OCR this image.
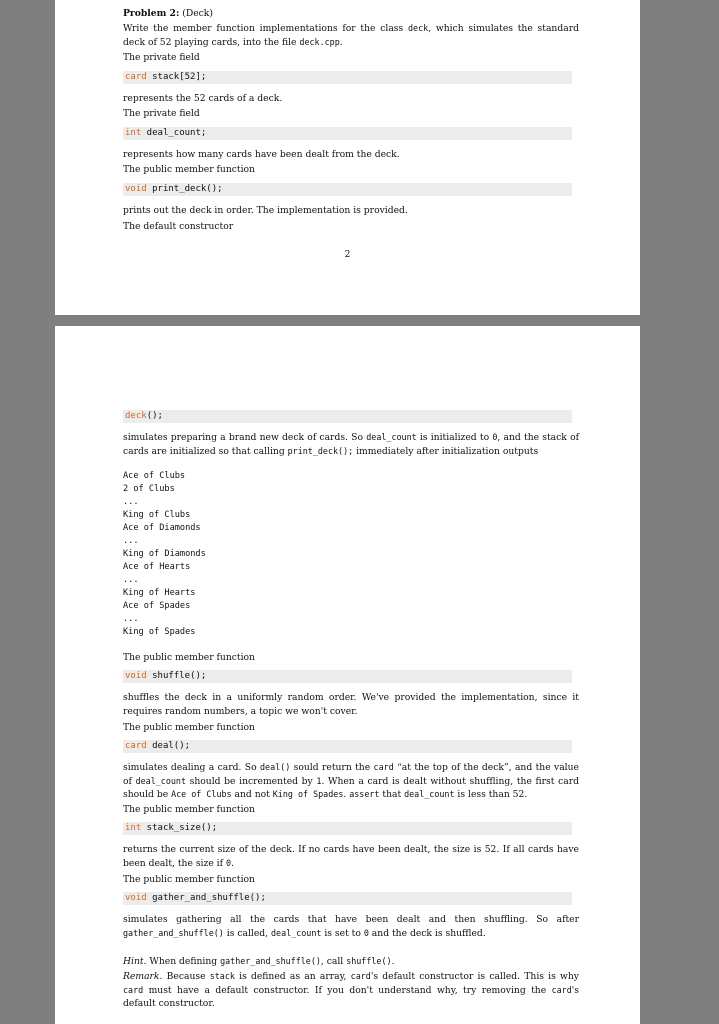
Problem 2: (Deck)
Write the member function implementations for the class deck, which simulates the standard deck of 52 playing cards, into the file deck.cpp.
The private field
card stack[52];
represents the 52 cards of a deck.
The private field
int deal_count;
represents how many cards have been dealt from the deck.
The public member function
void print_deck();
prints out the deck in order. The implementation is provided.
The default constructor
2
deck();
simulates preparing a brand new deck of cards. So deal_count is initialized to 0, and the stack of cards are initialized so that calling print_deck(); immediately after initialization outputs
Ace of Clubs
2 of Clubs
...
King of Clubs
Ace of Diamonds
...
King of Diamonds
Ace of Hearts
...
King of Hearts
Ace of Spades
...
King of Spades
The public member function
void shuffle();
shuffles the deck in a uniformly random order. We've provided the implementation, since it requires random numbers, a topic we won't cover.
The public member function
card deal();
simulates dealing a card. So deal() sould return the card “at the top of the deck”, and the value of deal_count should be incremented by 1. When a card is dealt without shuffling, the first card should be Ace of Clubs and not King of Spades. assert that deal_count is less than 52.
The public member function
int stack_size();
returns the current size of the deck. If no cards have been dealt, the size is 52. If all cards have been dealt, the size if 0.
The public member function
void gather_and_shuffle();
simulates gathering all the cards that have been dealt and then shuffling. So after gather_and_shuffle() is called, deal_count is set to 0 and the deck is shuffled.
Hint. When defining gather_and_shuffle(), call shuffle().
Remark. Because stack is defined as an array, card's default constructor is called. This is why card must have a default constructor. If you don't understand why, try removing the card's default constructor.
